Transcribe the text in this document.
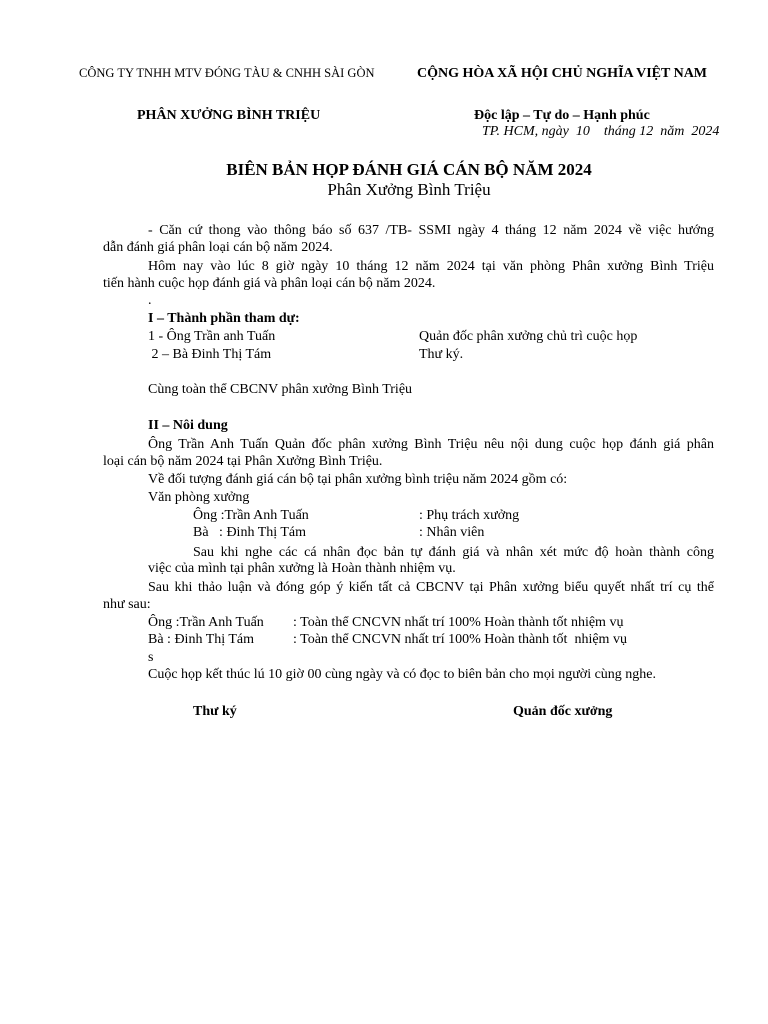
CÔNG TY TNHH MTV ĐÓNG TÀU & CNHH SÀI GÒN	CỘNG HÒA XÃ HỘI CHỦ NGHĨA VIỆT NAM
PHÂN XƯỞNG BÌNH TRIỆU	Độc lập – Tự do – Hạnh phúc
TP. HCM, ngày  10    tháng 12  năm  2024
BIÊN BẢN HỌP ĐÁNH GIÁ CÁN BỘ NĂM 2024
Phân Xưởng Bình Triệu
- Căn cứ thong vào thông báo số 637 /TB- SSMI ngày 4 tháng 12 năm 2024 về việc hướng
dẫn đánh giá phân loại cán bộ năm 2024.
Hôm nay vào lúc 8 giờ ngày 10 tháng 12 năm 2024 tại văn phòng Phân xưởng Bình Triệu
tiến hành cuộc họp đánh giá và phân loại cán bộ năm 2024.
.
I – Thành phần tham dự:
1 - Ông Trần anh Tuấn	Quản đốc phân xưởng chủ trì cuộc họp
2 – Bà Đinh Thị Tám	Thư ký.
Cùng toàn thể CBCNV phân xưởng Bình Triệu
II – Nôi dung
Ông Trần Anh Tuấn Quản đốc phân xưởng Bình Triệu nêu nội dung cuộc họp đánh giá phân
loại cán bộ năm 2024 tại Phân Xưởng Bình Triệu.
Về đối tượng đánh giá cán bộ tại phân xưởng bình triệu năm 2024 gồm có:
Văn phòng xưởng
Ông :Trần Anh Tuấn	: Phụ trách xưởng
Bà   : Đinh Thị Tám	: Nhân viên
Sau khi nghe các cá nhân đọc bản tự đánh giá và nhân xét mức độ hoàn thành công
việc của mình tại phân xưởng là Hoàn thành nhiệm vụ.
Sau khi thảo luận và đóng góp ý kiến tất cả CBCNV tại Phân xưởng biểu quyết nhất trí cụ thể
như sau:
Ông :Trần Anh Tuấn : Toàn thể CNCVN nhất trí 100% Hoàn thành tốt nhiệm vụ
Bà : Đinh Thị Tám	: Toàn thể CNCVN nhất trí 100% Hoàn thành tốt  nhiệm vụ
s
Cuộc họp kết thúc lú 10 giờ 00 cùng ngày và có đọc to biên bản cho mọi người cùng nghe.
Thư ký	Quản đốc xưởng
